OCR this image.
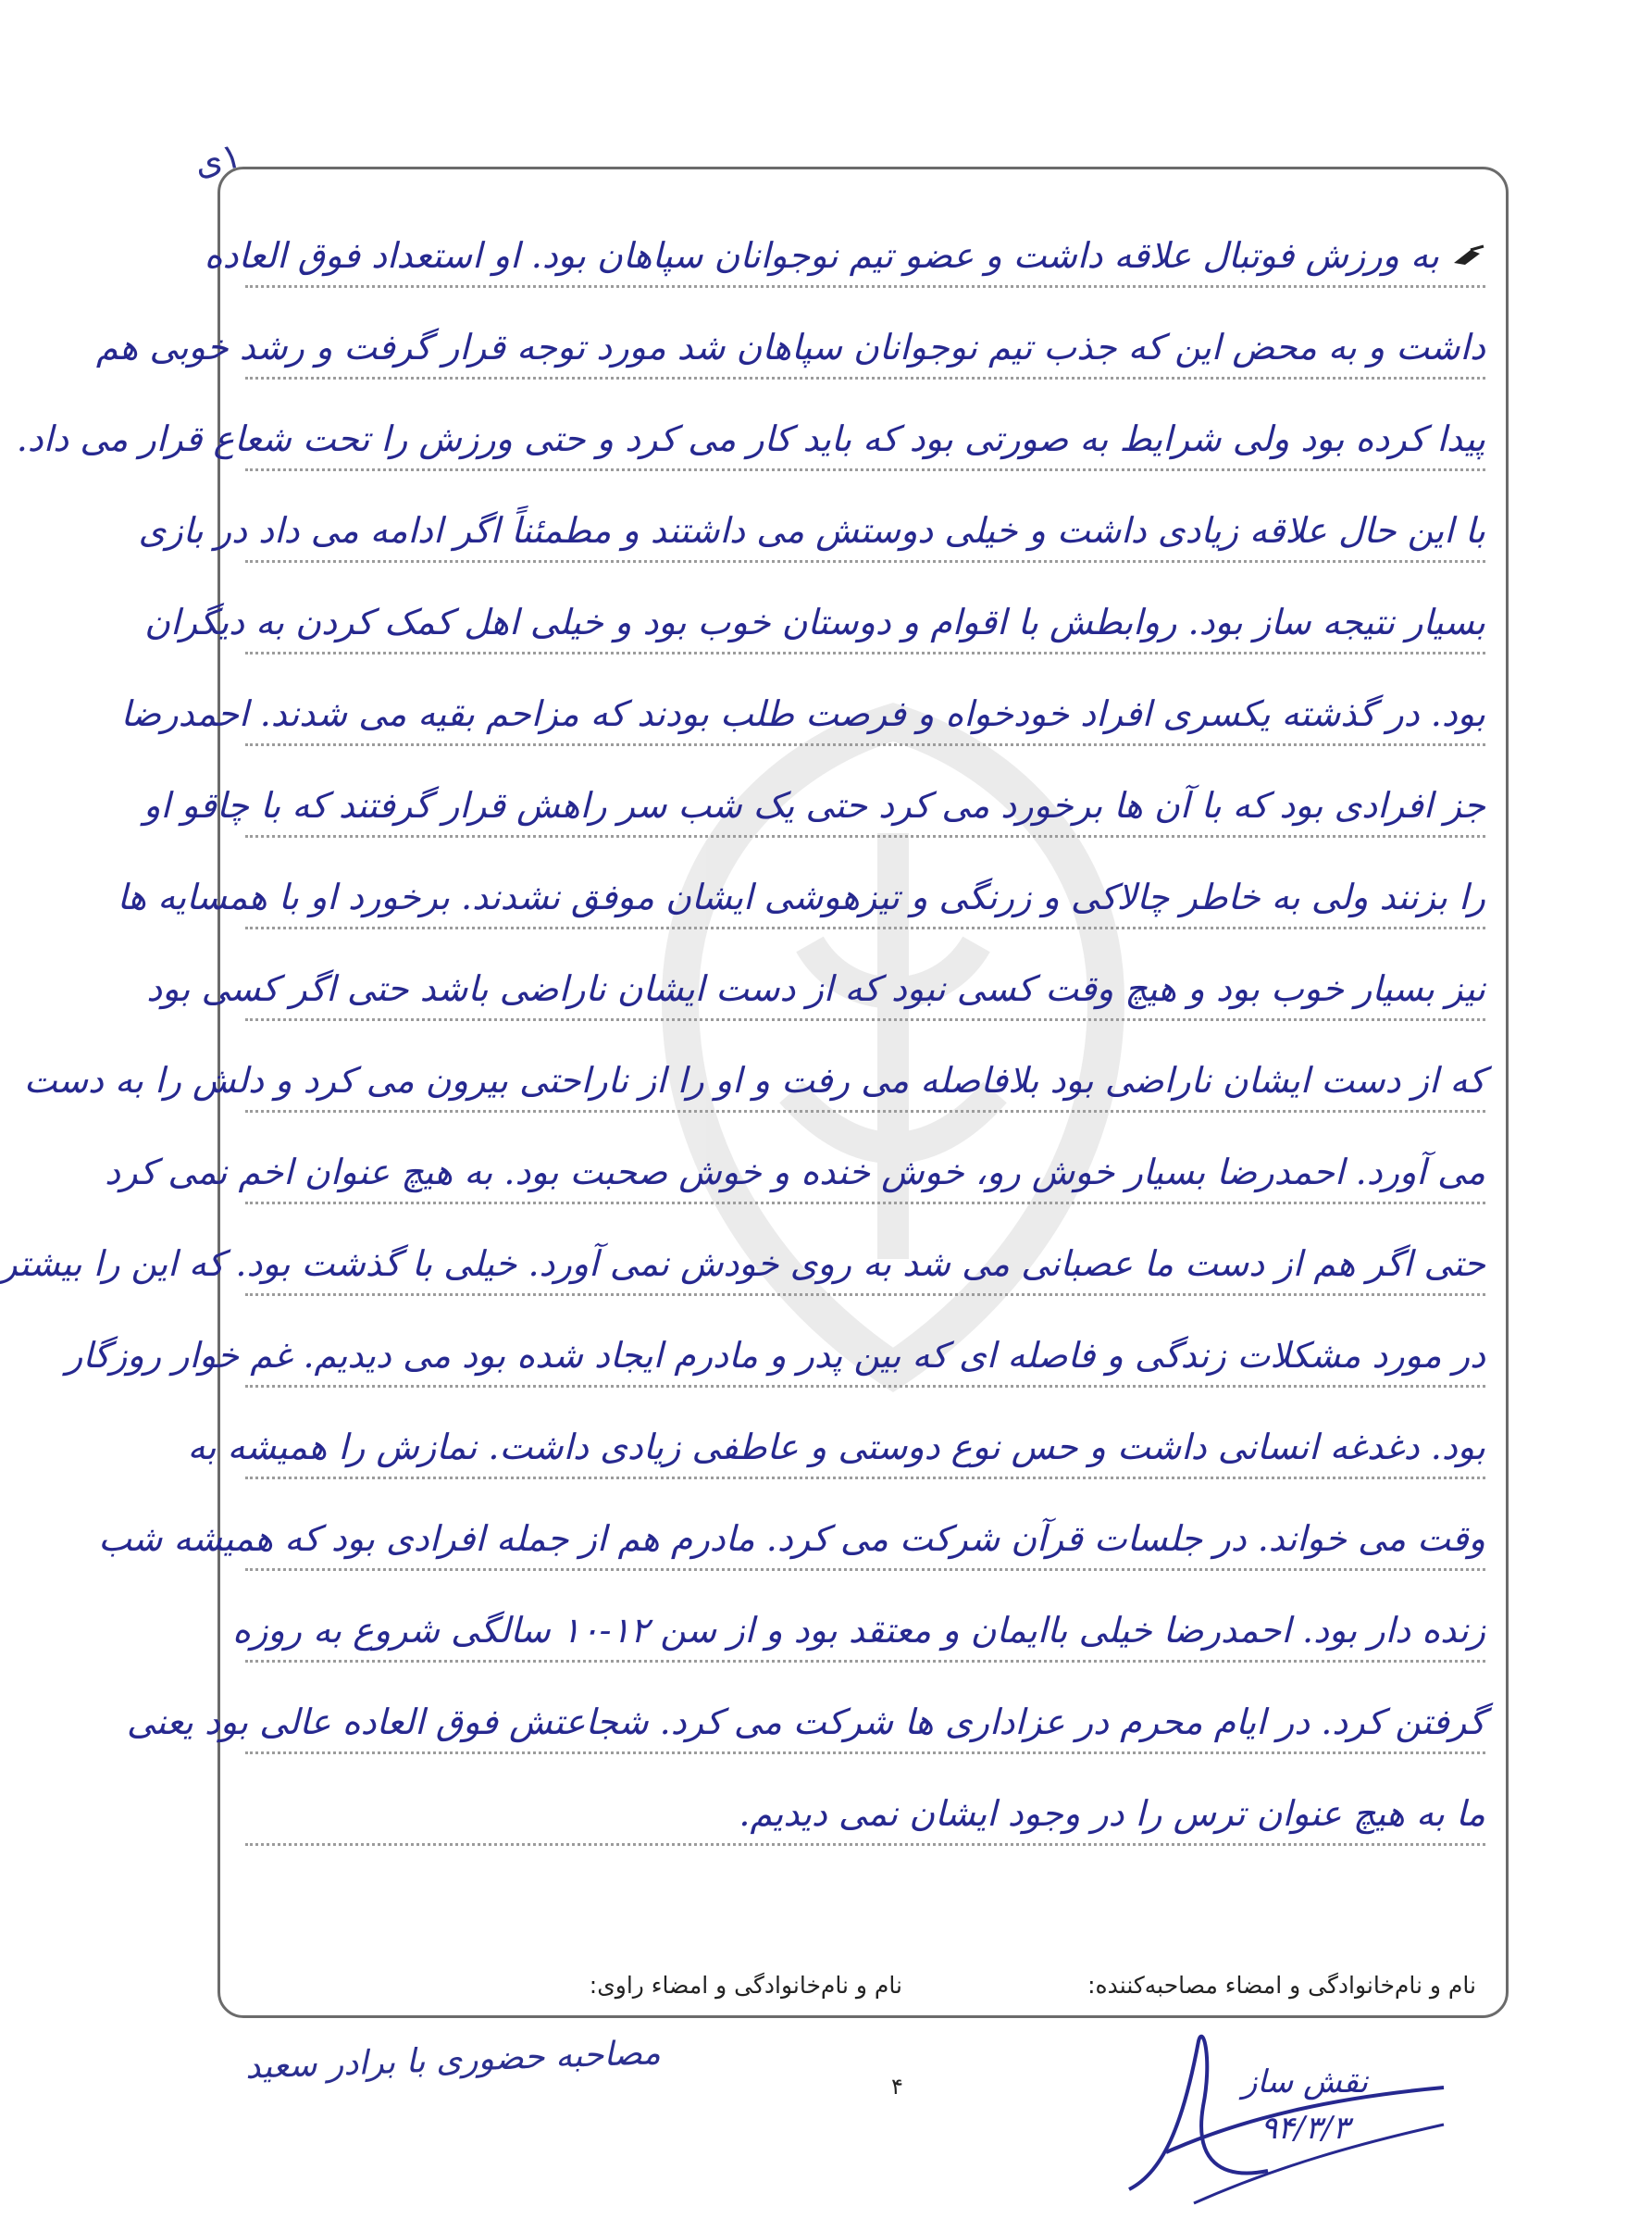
۱ی
به ورزش فوتبال علاقه داشت و عضو تیم نوجوانان سپاهان بود. او استعداد فوق العاده
داشت و به محض این که جذب تیم نوجوانان سپاهان شد مورد توجه قرار گرفت و رشد خوبی هم
پیدا کرده بود ولی شرایط به صورتی بود که باید کار می کرد و حتی ورزش را تحت شعاع قرار می داد.
با این حال علاقه زیادی داشت و خیلی دوستش می داشتند و مطمئناً اگر ادامه می داد در بازی
بسیار نتیجه ساز بود. روابطش با اقوام و دوستان خوب بود و خیلی اهل کمک کردن به دیگران
بود. در گذشته یکسری افراد خودخواه و فرصت طلب بودند که مزاحم بقیه می شدند. احمدرضا
جز افرادی بود که با آن ها برخورد می کرد حتی یک شب سر راهش قرار گرفتند که با چاقو او
را بزنند ولی به خاطر چالاکی و زرنگی و تیزهوشی ایشان موفق نشدند. برخورد او با همسایه ها
نیز بسیار خوب بود و هیچ وقت کسی نبود که از دست ایشان ناراضی باشد حتی اگر کسی بود
که از دست ایشان ناراضی بود بلافاصله می رفت و او را از ناراحتی بیرون می کرد و دلش را به دست
می آورد. احمدرضا بسیار خوش رو، خوش خنده و خوش صحبت بود. به هیچ عنوان اخم نمی کرد
حتی اگر هم از دست ما عصبانی می شد به روی خودش نمی آورد. خیلی با گذشت بود. که این را بیشتر
در مورد مشکلات زندگی و فاصله ای که بین پدر و مادرم ایجاد شده بود می دیدیم. غم خوار روزگار
بود. دغدغه انسانی داشت و حس نوع دوستی و عاطفی زیادی داشت. نمازش را همیشه به
وقت می خواند. در جلسات قرآن شرکت می کرد. مادرم هم از جمله افرادی بود که همیشه شب
زنده دار بود. احمدرضا خیلی باایمان و معتقد بود و از سن ۱۲-۱۰ سالگی شروع به روزه
گرفتن کرد. در ایام محرم در عزاداری ها شرکت می کرد. شجاعتش فوق العاده عالی بود یعنی
ما به هیچ عنوان ترس را در وجود ایشان نمی دیدیم.
نام و نام‌خانوادگی و امضاء مصاحبه‌کننده:
نام و نام‌خانوادگی و امضاء راوی:
مصاحبه حضوری با برادر سعید
۴	نقش ساز
۹۴/۳/۳
